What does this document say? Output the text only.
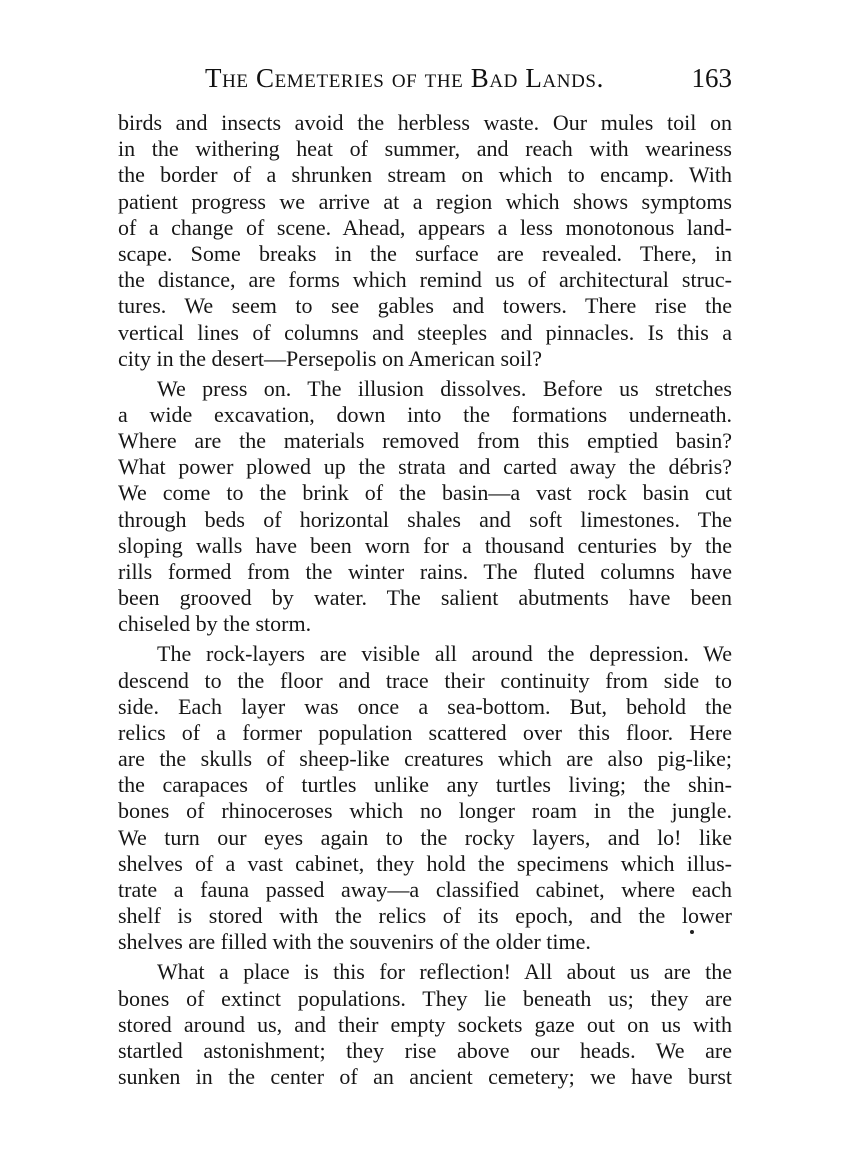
The Cemeteries of the Bad Lands.	163

birds and insects avoid the herbless waste. Our mules toil on
in the withering heat of summer, and reach with weariness
the border of a shrunken stream on which to encamp. With
patient progress we arrive at a region which shows symptoms
of a change of scene. Ahead, appears a less monotonous land-
scape. Some breaks in the surface are revealed. There, in
the distance, are forms which remind us of architectural struc-
tures. We seem to see gables and towers. There rise the
vertical lines of columns and steeples and pinnacles. Is this a
city in the desert—Persepolis on American soil?

We press on. The illusion dissolves. Before us stretches
a wide excavation, down into the formations underneath.
Where are the materials removed from this emptied basin?
What power plowed up the strata and carted away the débris?
We come to the brink of the basin—a vast rock basin cut
through beds of horizontal shales and soft limestones. The
sloping walls have been worn for a thousand centuries by the
rills formed from the winter rains. The fluted columns have
been grooved by water. The salient abutments have been
chiseled by the storm.

The rock-layers are visible all around the depression. We
descend to the floor and trace their continuity from side to
side. Each layer was once a sea-bottom. But, behold the
relics of a former population scattered over this floor. Here
are the skulls of sheep-like creatures which are also pig-like;
the carapaces of turtles unlike any turtles living; the shin-
bones of rhinoceroses which no longer roam in the jungle.
We turn our eyes again to the rocky layers, and lo! like
shelves of a vast cabinet, they hold the specimens which illus-
trate a fauna passed away—a classified cabinet, where each
shelf is stored with the relics of its epoch, and the lower
shelves are filled with the souvenirs of the older time.

What a place is this for reflection! All about us are the
bones of extinct populations. They lie beneath us; they are
stored around us, and their empty sockets gaze out on us with
startled astonishment; they rise above our heads. We are
sunken in the center of an ancient cemetery; we have burst
